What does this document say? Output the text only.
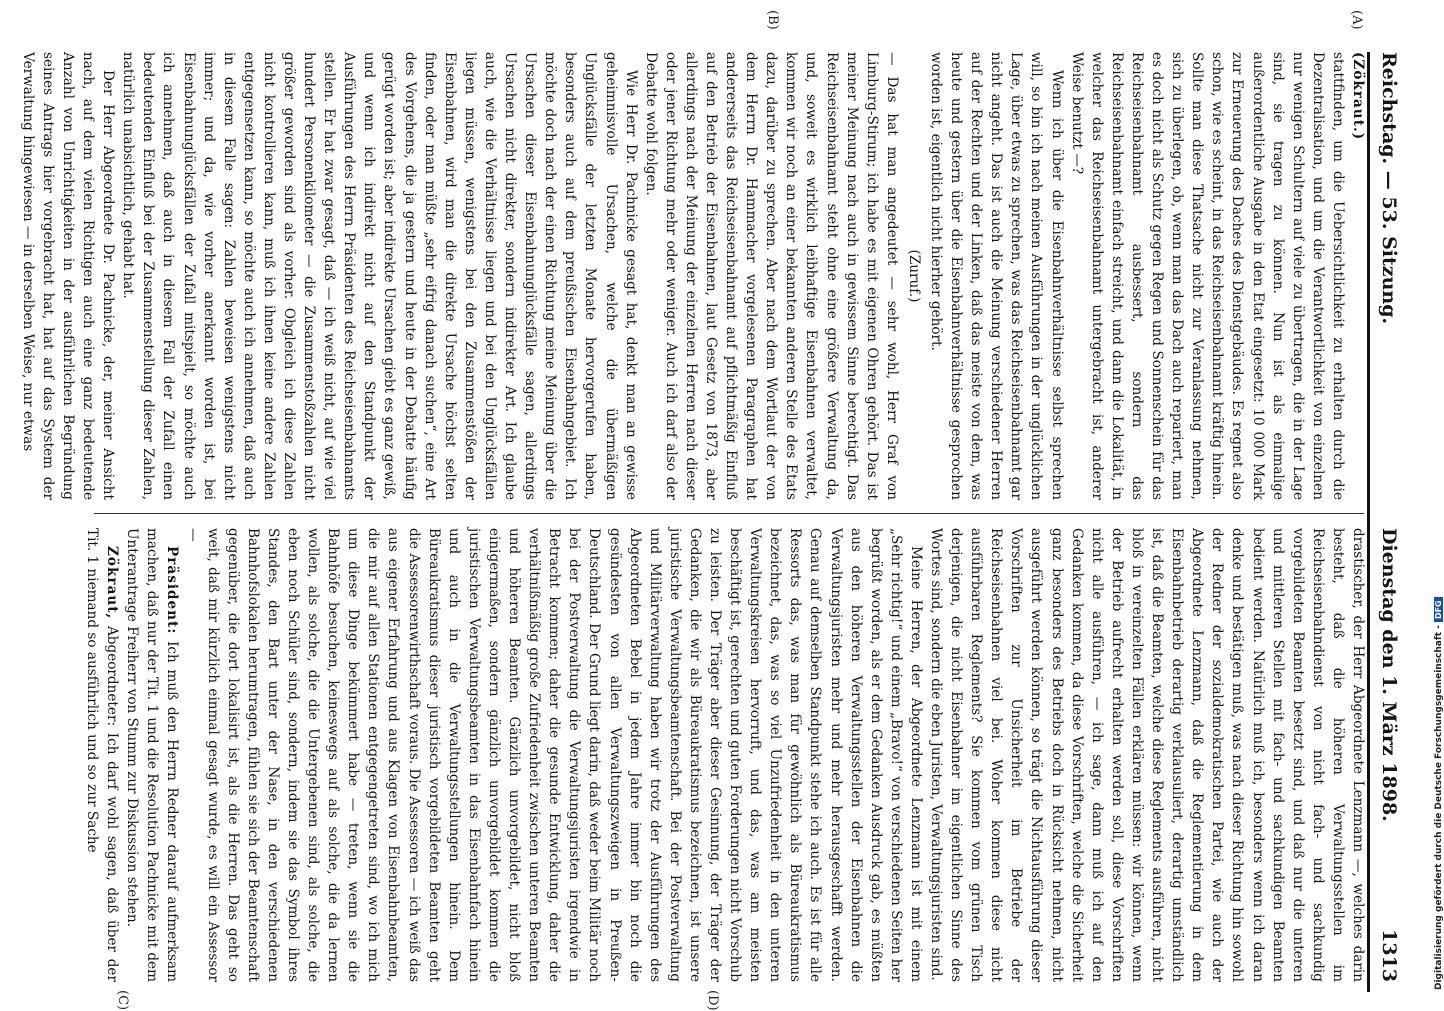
Reichstag. — 53. Sitzung.
Dienstag den 1. März 1898.
1313
(A)
(B)
(D)
(C)

(Zökraut.)

stattfinden, um die Uebersichtlichkeit zu erhalten durch die Dezentralisation, und um die Verantwortlichkeit von einzelnen nur wenigen Schultern auf viele zu übertragen, die in der Lage sind, sie tragen zu können. Nun ist als einmalige außerordentliche Ausgabe in den Etat eingesetzt: 10 000 Mark zur Erneuerung des Daches des Dienstgebäudes. Es regnet also schon, wie es scheint, in das Reichseisenbahnamt kräftig hinein. Sollte man diese Thatsache nicht zur Veranlassung nehmen, sich zu überlegen, ob, wenn man das Dach auch repariert, man es doch nicht als Schutz gegen Regen und Sonnenschein für das Reichseisenbahnamt ausbessert, sondern das Reichseisenbahnamt einfach streicht, und dann die Lokalität, in welcher das Reichseisenbahnamt untergebracht ist, anderer Weise benutzt —?

Wenn ich über die Eisenbahnverhältnisse selbst sprechen will, so bin ich nach meinen Ausführungen in der unglücklichen Lage, über etwas zu sprechen, was das Reichseisenbahnamt gar nicht angeht. Das ist auch die Meinung verschiedener Herren auf der Rechten und der Linken, daß das meiste von dem, was heute und gestern über die Eisenbahnverhältnisse gesprochen worden ist, eigentlich nicht hierher gehört.

(Zuruf.)

— Das hat man angedeutet — sehr wohl, Herr Graf von Limburg-Stirum; ich habe es mit eigenen Ohren gehört. Das ist meiner Meinung nach auch in gewissem Sinne berechtigt. Das Reichseisenbahnamt steht ohne eine größere Verwaltung da, und, soweit es wirklich leibhaftige Eisenbahnen verwaltet, kommen wir noch an einer bekannten anderen Stelle des Etats dazu, darüber zu sprechen. Aber nach dem Wortlaut der von dem Herrn Dr. Hammacher vorgelesenen Paragraphen hat andererseits das Reichseisenbahnamt auf pflichtmäßig Einfluß auf den Betrieb der Eisenbahnen, laut Gesetz von 1873, aber allerdings nach der Meinung der einzelnen Herren nach dieser oder jener Richtung mehr oder weniger. Auch ich darf also der Debatte wohl folgen.

Wie Herr Dr. Pachnicke gesagt hat, denkt man an gewisse geheimnisvolle Ursachen, welche die übermäßigen Unglücksfälle der letzten Monate hervorgerufen haben, besonders auch auf dem preußischen Eisenbahngebiet. Ich möchte doch nach der einen Richtung meine Meinung über die Ursachen dieser Eisenbahnunglücksfälle sagen, allerdings Ursachen nicht direkter, sondern indirekter Art. Ich glaube auch, wie die Verhältnisse liegen und bei den Unglücksfällen liegen müssen, wenigstens bei den Zusammenstößen der Eisenbahnen, wird man die direkte Ursache höchst selten finden, oder man müßte „sehr eifrig danach suchen“, eine Art des Vorgehens, die ja gestern und heute in der Debatte häufig gerügt worden ist; aber indirekte Ursachen giebt es ganz gewiß, und wenn ich indirekt nicht auf den Standpunkt der Ausführungen des Herrn Präsidenten des Reichseisenbahnamts stellen. Er hat zwar gesagt, daß — ich weiß nicht, auf wie viel hundert Personenkilometer — die Zusammenstoßzahlen nicht größer geworden sind als vorher. Obgleich ich diese Zahlen nicht kontrollieren kann, muß ich ihnen keine andere Zahlen entgegensetzen kann, so möchte auch ich annehmen, daß auch in diesem Falle sagen: Zahlen beweisen wenigstens nicht immer; und da, wie vorher anerkannt worden ist, bei Eisenbahnunglücksfällen der Zufall mitspielt, so möchte auch ich annehmen, daß auch in diesem Fall der Zufall einen bedeutenden Einfluß bei der Zusammenstellung dieser Zahlen, natürlich unabsichtlich, gehabt hat.

Der Herr Abgeordnete Dr. Pachnicke, der, meiner Ansicht nach, auf dem vielen Richtigen auch eine ganz bedeutende Anzahl von Unrichtigkeiten in der ausführlichen Begründung seines Antrags hier vorgebracht hat, hat auf das System der Verwaltung hingewiesen — in derselben Weise, nur etwas

drastischer, der Herr Abgeordnete Lenzmann —, welches darin besteht, daß die höheren Verwaltungsstellen im Reichseisenbahndienst von nicht fach- und sachkundig vorgebildeten Beamten besetzt sind, und daß nur die unteren und mittleren Stellen mit fach- und sachkundigen Beamten bedient werden. Natürlich muß ich, besonders wenn ich daran denke und bestätigen muß, was nach dieser Richtung hin sowohl der Redner der sozialdemokratischen Partei, wie auch der Abgeordnete Lenzmann, daß die Reglementierung in dem Eisenbahnbetrieb derartig verklausuliert, derartig umständlich ist, daß die Beamten, welche diese Reglements ausführen, nicht bloß in vereinzelten Fällen erklären müssen: wir können, wenn der Betrieb aufrecht erhalten werden soll, diese Vorschriften nicht alle ausführen, — ich sage, dann muß ich auf den Gedanken kommen, da diese Vorschriften, welche die Sicherheit ganz besonders des Betriebs doch in Rücksicht nehmen, nicht ausgeführt werden können, so trägt die Nichtausführung dieser Vorschriften zur Unsicherheit im Betriebe der Reichseisenbahnen viel bei. Woher kommen diese nicht ausführbaren Reglements? Sie kommen vom grünen Tisch derjenigen, die nicht Eisenbahner im eigentlichen Sinne des Wortes sind, sondern die eben Juristen, Verwaltungsjuristen sind.

Meine Herren, der Abgeordnete Lenzmann ist mit einem „Sehr richtig!“ und einem „Bravo!“ von verschiedenen Seiten her begrüßt worden, als er dem Gedanken Ausdruck gab, es müßten aus den höheren Verwaltungsstellen der Eisenbahnen die Verwaltungsjuristen mehr und mehr herausgeschafft werden. Genau auf demselben Standpunkt stehe ich auch. Es ist für alle Ressorts das, was man für gewöhnlich als Büreaukratismus bezeichnet, das, was so viel Unzufriedenheit in den unteren Verwaltungskreisen hervorruft, und das, was am meisten beschäftigt ist, gerechten und guten Forderungen nicht Vorschub zu leisten. Der Träger aber dieser Gesinnung, der Träger der Gedanken, die wir als Büreaukratismus bezeichnen, ist unsere juristische Verwaltungsbeamtenschaft. Bei der Postverwaltung und Militärverwaltung haben wir trotz der Ausführungen des Abgeordneten Bebel in jedem Jahre immer bin noch die gesündesten von allen Verwaltungszweigen in Preußen-Deutschland. Der Grund liegt darin, daß weder beim Militär noch bei der Postverwaltung die Verwaltungsjuristen irgendwie in Betracht kommen; daher die gesunde Entwicklung, daher die verhältnißmäßig große Zufriedenheit zwischen unteren Beamten und höheren Beamten. Gänzlich unvorgebildet, nicht bloß einigermaßen, sondern gänzlich unvorgebildet kommen die juristischen Verwaltungsbeamten in das Eisenbahnfach hinein und auch in die Verwaltungsstellungen hinein. Dem Büreaukratismus dieser juristisch vorgebildeten Beamten geht die Assessorenwirthschaft voraus. Die Assessoren — ich weiß das aus eigener Erfahrung und aus Klagen von Eisenbahnbeamten, die mir auf allen Stationen entgegengetreten sind, wo ich mich um diese Dinge bekümmert habe — treten, wenn sie die Bahnhöfe besuchen, keineswegs auf als solche, die da lernen wollen, als solche, die die Untergebenen sind, als solche, die eben noch Schüler sind, sondern, indem sie das Symbol ihres Standes, den Bart unter der Nase, in den verschiedenen Bahnhofslokalen herumtragen, fühlen sie sich der Beamtenschaft gegenüber, die dort lokalisirt ist, als die Herren. Das geht so weit, daß mir kürzlich einmal gesagt wurde, es will ein Assessor —

Präsident: Ich muß den Herrn Redner darauf aufmerksam machen, daß nur der Tit. 1 und die Resolution Pachnicke mit dem Unterantrage Freiherr von Stumm zur Diskussion stehen.

Zökraut, Abgeordneter: Ich darf wohl sagen, daß über der Tit. 1 niemand so ausführlich und so zur Sache	Digitalisierung gefördert durch die Deutsche Forschungsgemeinschaft -DFG
